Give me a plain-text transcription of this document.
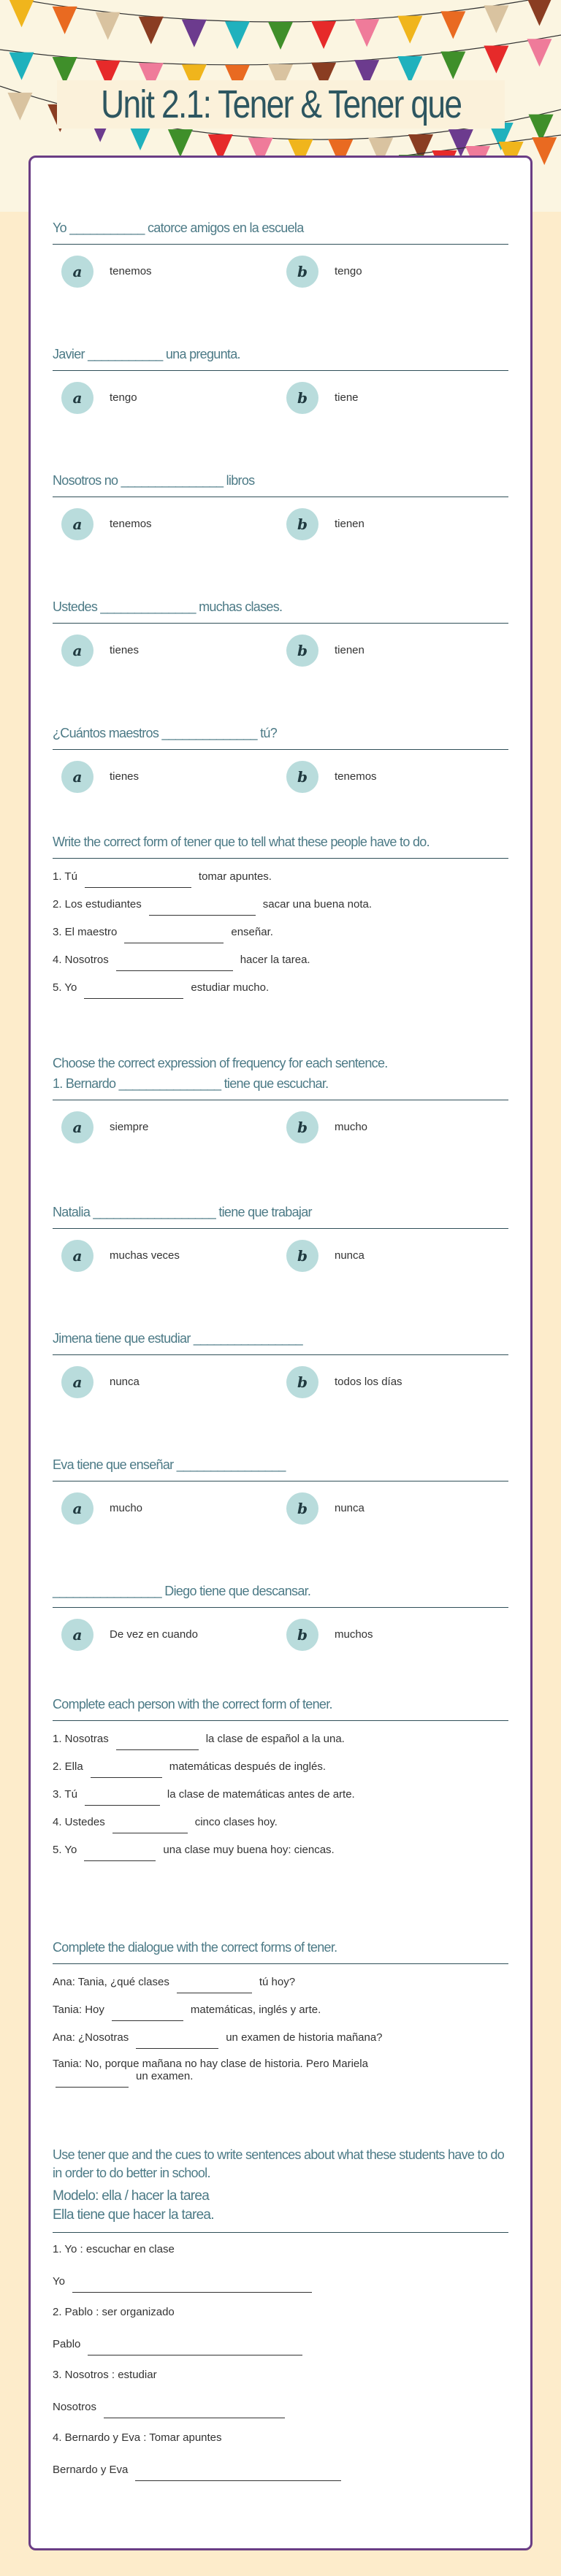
Unit 2.1: Tener & Tener que
Yo ___________ catorce amigos en la escuela
a	tenemos	b	tengo
Javier ___________ una pregunta.
a	tengo	b	tiene
Nosotros no _______________ libros
a	tenemos	b	tienen
Ustedes ______________ muchas clases.
a	tienes	b	tienen
¿Cuántos maestros ______________ tú?
a	tienes	b	tenemos
Write the correct form of tener que to tell what these people have to do.
1. Tú	tomar apuntes.
2. Los estudiantes	sacar una buena nota.
3. El maestro	enseñar.
4. Nosotros	hacer la tarea.
5. Yo	estudiar mucho.
Choose the correct expression of frequency for each sentence.
1. Bernardo _______________ tiene que escuchar.
a	siempre	b	mucho
Natalia __________________ tiene que trabajar
a	muchas veces	b	nunca
Jimena tiene que estudiar ________________
a	nunca	b	todos los días
Eva tiene que enseñar ________________
a	mucho	b	nunca
________________ Diego tiene que descansar.
a	De vez en cuando	b	muchos
Complete each person with the correct form of tener.
1. Nosotras	la clase de español a la una.
2. Ella	matemáticas después de inglés.
3. Tú	la clase de matemáticas antes de arte.
4. Ustedes	cinco clases hoy.
5. Yo	una clase muy buena hoy: ciencas.
Complete the dialogue with the correct forms of tener.
Ana: Tania, ¿qué clases	tú hoy?
Tania: Hoy	matemáticas, inglés y arte.
Ana: ¿Nosotras	un examen de historia mañana?
Tania: No, porque mañana no hay clase de historia. Pero Mariela
un examen.
Use tener que and the cues to write sentences about what these students have to do in order to do better in school.
Modelo: ella / hacer la tarea
Ella tiene que hacer la tarea.
1. Yo : escuchar en clase
Yo
2. Pablo : ser organizado
Pablo
3. Nosotros : estudiar
Nosotros
4. Bernardo y Eva : Tomar apuntes
Bernardo y Eva
